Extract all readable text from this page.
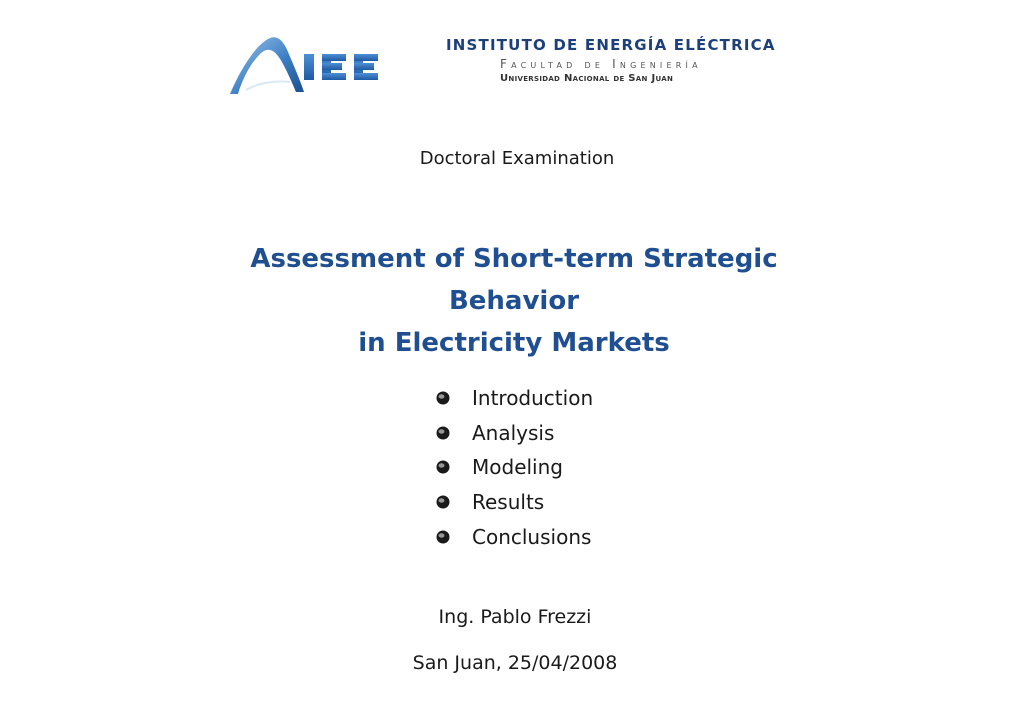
IEE
INSTITUTO DE ENERGÍA ELÉCTRICA
Facultad de Ingeniería
Universidad Nacional de San Juan
Doctoral Examination
Assessment of Short-term Strategic Behavior
in Electricity Markets
Introduction
Analysis
Modeling
Results
Conclusions
Ing. Pablo Frezzi
San Juan, 25/04/2008
